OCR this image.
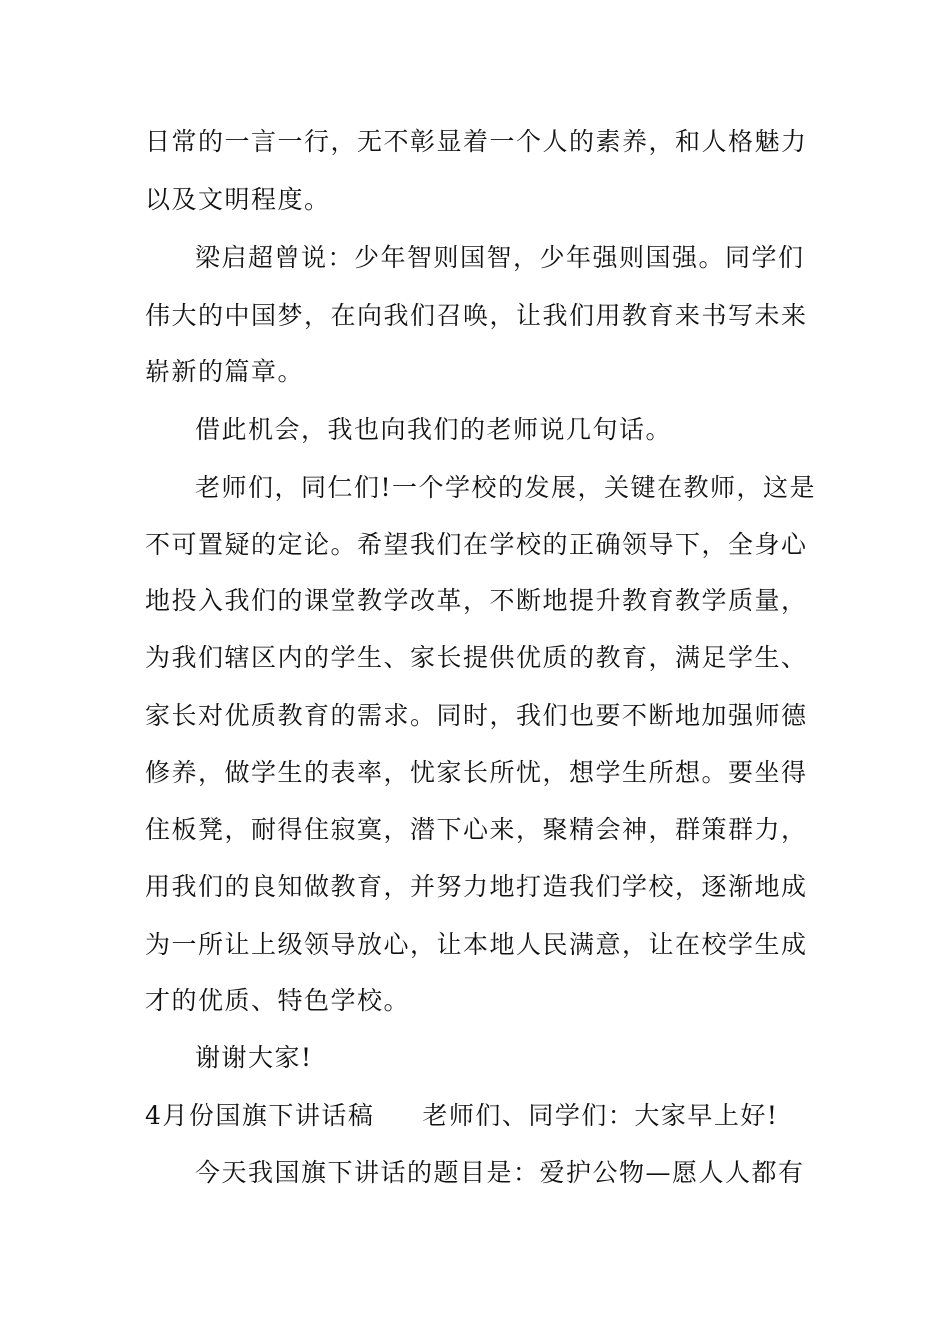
日常的一言一行，无不彰显着一个人的素养，和人格魅力
以及文明程度。
梁启超曾说：少年智则国智，少年强则国强。同学们
伟大的中国梦，在向我们召唤，让我们用教育来书写未来
崭新的篇章。
借此机会，我也向我们的老师说几句话。
老师们，同仁们!一个学校的发展，关键在教师，这是
不可置疑的定论。希望我们在学校的正确领导下，全身心
地投入我们的课堂教学改革，不断地提升教育教学质量，
为我们辖区内的学生、家长提供优质的教育，满足学生、
家长对优质教育的需求。同时，我们也要不断地加强师德
修养，做学生的表率，忧家长所忧，想学生所想。要坐得
住板凳，耐得住寂寞，潜下心来，聚精会神，群策群力，
用我们的良知做教育，并努力地打造我们学校，逐渐地成
为一所让上级领导放心，让本地人民满意，让在校学生成
才的优质、特色学校。
谢谢大家!
4月份国旗下讲话稿 老师们、同学们：大家早上好!
今天我国旗下讲话的题目是：爱护公物—愿人人都有
